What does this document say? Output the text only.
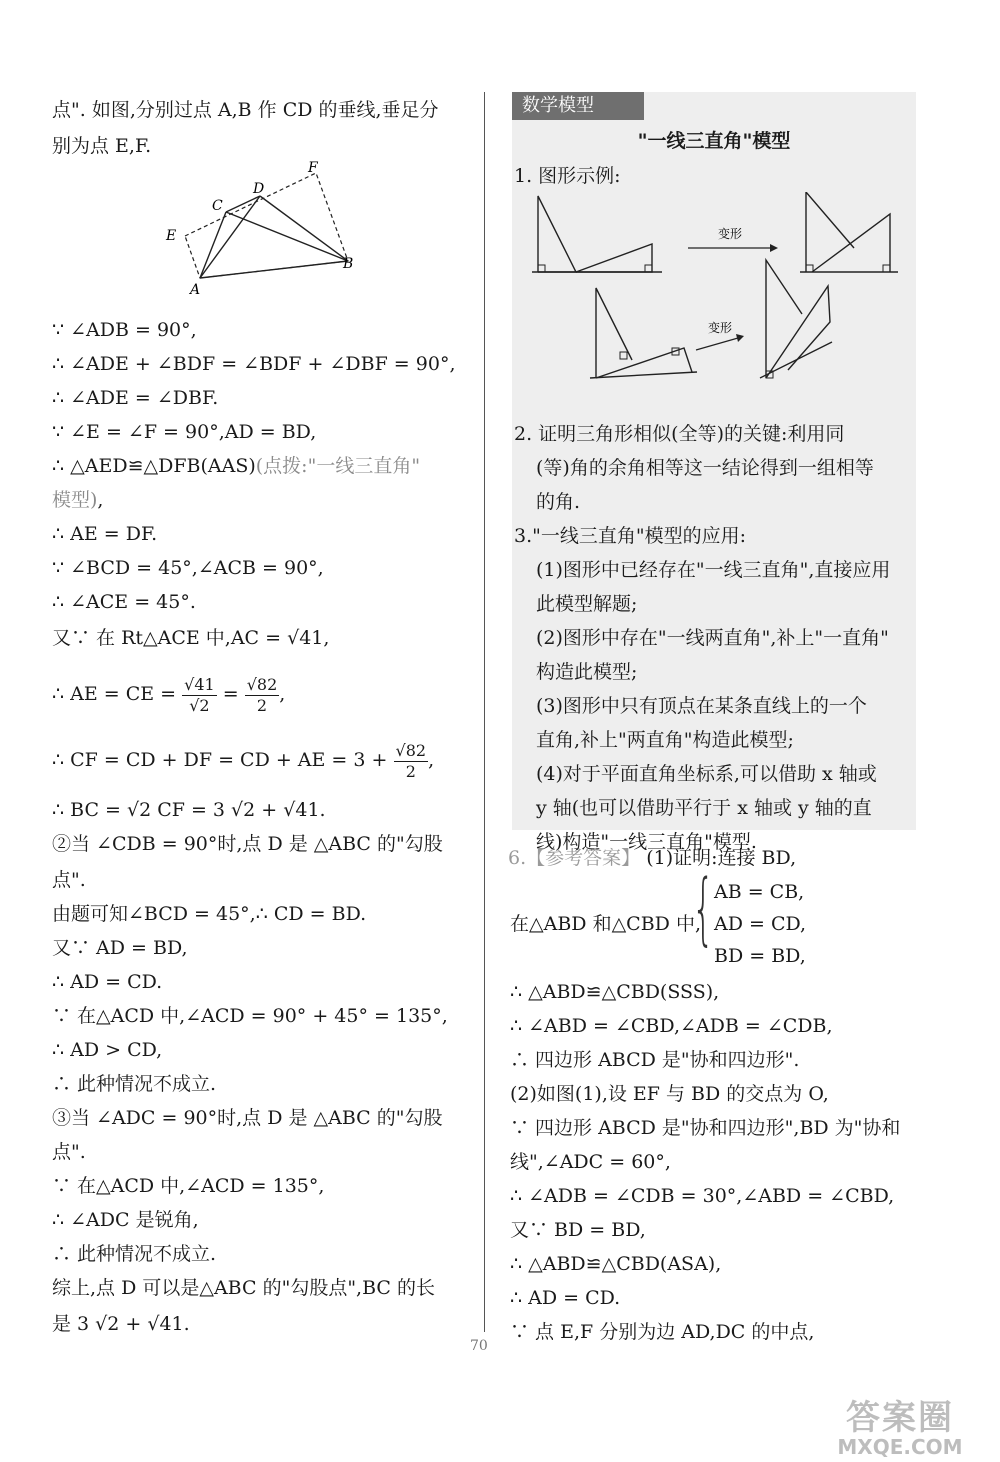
点". 如图,分别过点 A,B 作 CD 的垂线,垂足分
别为点 E,F.
A
B
C
D
E
F
∵ ∠ADB = 90°,
∴ ∠ADE + ∠BDF = ∠BDF + ∠DBF = 90°,
∴ ∠ADE = ∠DBF.
∵ ∠E = ∠F = 90°,AD = BD,
∴ △AED≌△DFB(AAS)(点拨:"一线三直角"
模型),
∴ AE = DF.
∵ ∠BCD = 45°,∠ACB = 90°,
∴ ∠ACE = 45°.
又∵ 在 Rt△ACE 中,AC = √41,
∴ AE = CE = $\frac{√41}{√2} = \frac{√82}{2}$ ,
∴ CF = CD + DF = CD + AE = $3 + \frac{√82}{2}$ ,
∴ BC = √2 CF = 3 √2 + √41.
②当 ∠CDB = 90°时,点 D 是 △ABC 的"勾股
点".
由题可知∠BCD = 45°,∴ CD = BD.
又∵ AD = BD,
∴ AD = CD.
∵ 在△ACD 中,∠ACD = 90° + 45° = 135°,
∴ AD > CD,
∴ 此种情况不成立.
③当 ∠ADC = 90°时,点 D 是 △ABC 的"勾股
点".
∵ 在△ACD 中,∠ACD = 135°,
∴ ∠ADC 是锐角,
∴ 此种情况不成立.
综上,点 D 可以是△ABC 的"勾股点",BC 的长
是 3 √2 + √41.
数学模型
"一线三直角"模型
1. 图形示例:
变形
变形
2. 证明三角形相似(全等)的关键:利用同
(等)角的余角相等这一结论得到一组相等
的角.
3."一线三直角"模型的应用:
(1)图形中已经存在"一线三直角",直接应用
此模型解题;
(2)图形中存在"一线两直角",补上"一直角"
构造此模型;
(3)图形中只有顶点在某条直线上的一个
直角,补上"两直角"构造此模型;
(4)对于平面直角坐标系,可以借助 x 轴或
y 轴(也可以借助平行于 x 轴或 y 轴的直
线)构造"一线三直角"模型.
6.【参考答案】 (1)证明:连接 BD,
AB = CB,
在△ABD 和△CBD 中,
{ AD = CD,
BD = BD,
∴ △ABD≌△CBD(SSS),
∴ ∠ABD = ∠CBD,∠ADB = ∠CDB,
∴ 四边形 ABCD 是"协和四边形".
(2)如图(1),设 EF 与 BD 的交点为 O,
∵ 四边形 ABCD 是"协和四边形",BD 为"协和
线",∠ADC = 60°,
∴ ∠ADB = ∠CDB = 30°,∠ABD = ∠CBD,
又∵ BD = BD,
∴ △ABD≌△CBD(ASA),
∴ AD = CD.
∵ 点 E,F 分别为边 AD,DC 的中点,
70
答案圈
MXQE.COM
